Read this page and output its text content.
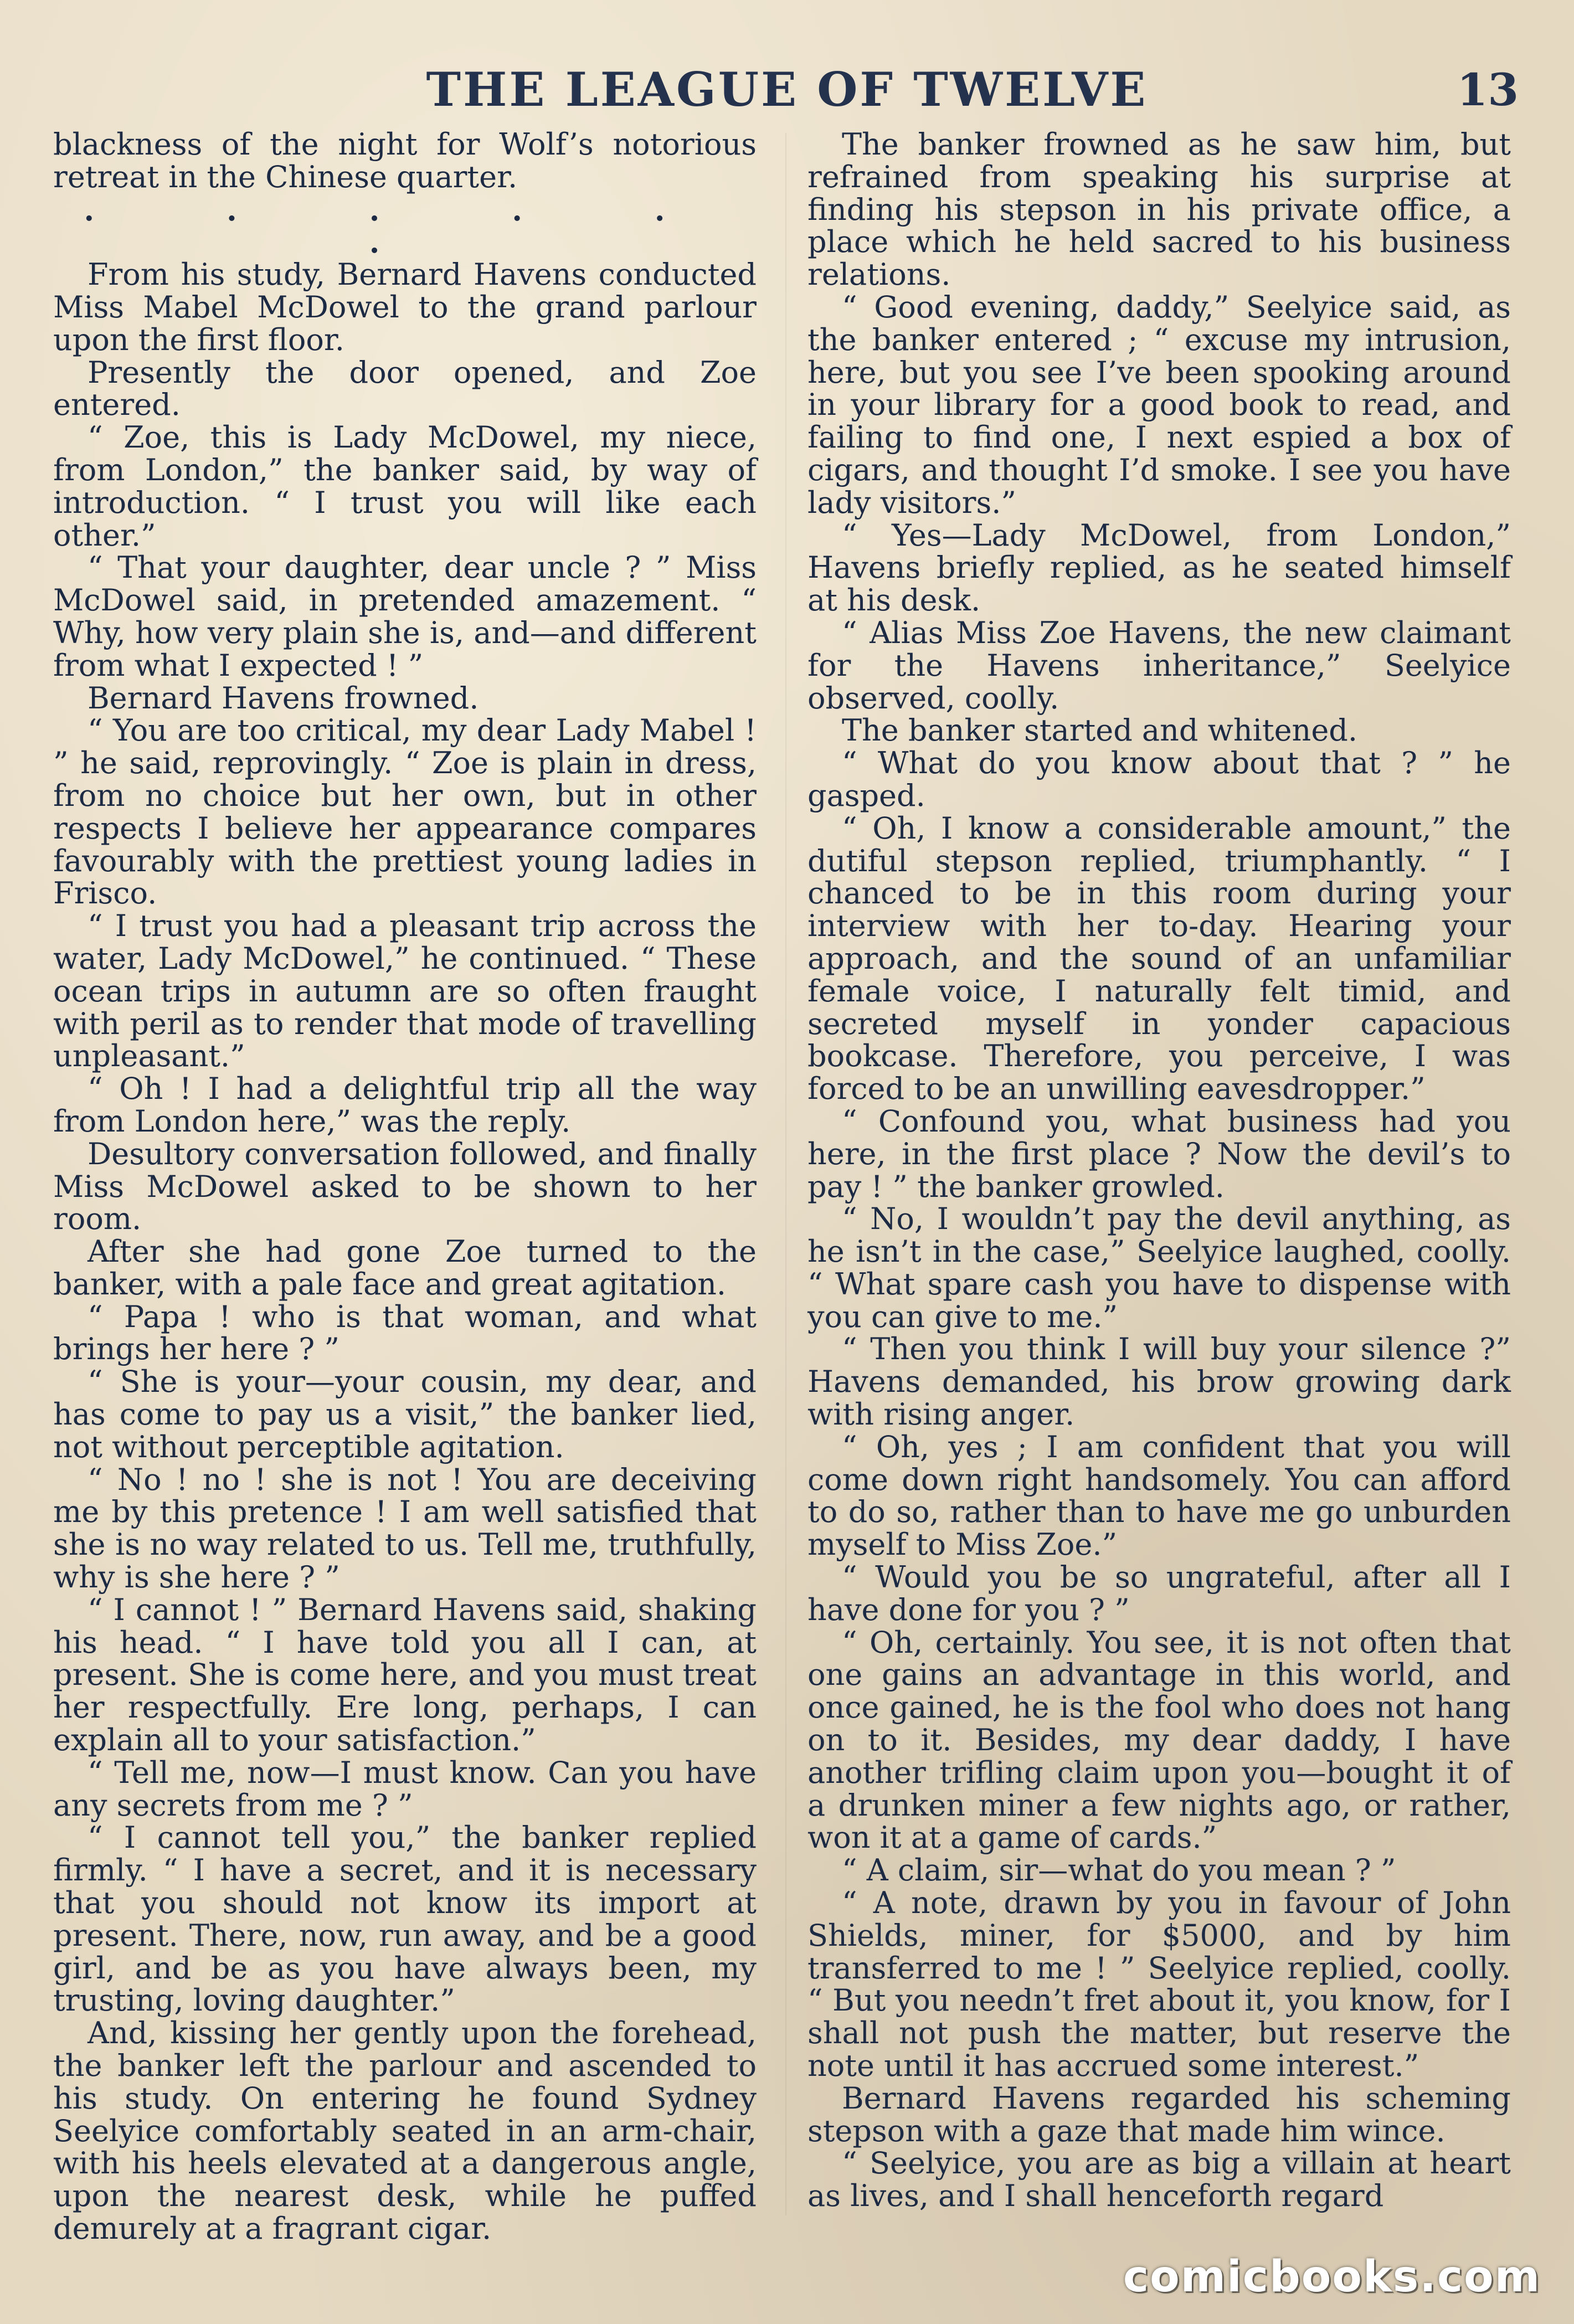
THE LEAGUE OF TWELVE	13

blackness of the night for Wolf’s notorious retreat in the Chinese quarter.

. . . . . .

From his study, Bernard Havens conducted Miss Mabel McDowel to the grand parlour upon the first floor.

Presently the door opened, and Zoe entered.

“ Zoe, this is Lady McDowel, my niece, from London,” the banker said, by way of introduction. “ I trust you will like each other.”

“ That your daughter, dear uncle ? ” Miss McDowel said, in pretended amazement. “ Why, how very plain she is, and—and different from what I expected ! ”

Bernard Havens frowned.

“ You are too critical, my dear Lady Mabel ! ” he said, reprovingly. “ Zoe is plain in dress, from no choice but her own, but in other respects I believe her appearance compares favourably with the prettiest young ladies in Frisco.

“ I trust you had a pleasant trip across the water, Lady McDowel,” he continued. “ These ocean trips in autumn are so often fraught with peril as to render that mode of travelling unpleasant.”

“ Oh ! I had a delightful trip all the way from London here,” was the reply.

Desultory conversation followed, and finally Miss McDowel asked to be shown to her room.

After she had gone Zoe turned to the banker, with a pale face and great agitation.

“ Papa ! who is that woman, and what brings her here ? ”

“ She is your—your cousin, my dear, and has come to pay us a visit,” the banker lied, not without perceptible agitation.

“ No ! no ! she is not ! You are deceiving me by this pretence ! I am well satisfied that she is no way related to us. Tell me, truthfully, why is she here ? ”

“ I cannot ! ” Bernard Havens said, shaking his head. “ I have told you all I can, at present. She is come here, and you must treat her respectfully. Ere long, perhaps, I can explain all to your satisfaction.”

“ Tell me, now—I must know. Can you have any secrets from me ? ”

“ I cannot tell you,” the banker replied firmly. “ I have a secret, and it is necessary that you should not know its import at present. There, now, run away, and be a good girl, and be as you have always been, my trusting, loving daughter.”

And, kissing her gently upon the forehead, the banker left the parlour and ascended to his study. On entering he found Sydney Seelyice comfortably seated in an arm-chair, with his heels elevated at a dangerous angle, upon the nearest desk, while he puffed demurely at a fragrant cigar.

The banker frowned as he saw him, but refrained from speaking his surprise at finding his stepson in his private office, a place which he held sacred to his business relations.

“ Good evening, daddy,” Seelyice said, as the banker entered ; “ excuse my intrusion, here, but you see I’ve been spooking around in your library for a good book to read, and failing to find one, I next espied a box of cigars, and thought I’d smoke. I see you have lady visitors.”

“ Yes—Lady McDowel, from London,” Havens briefly replied, as he seated himself at his desk.

“ Alias Miss Zoe Havens, the new claimant for the Havens inheritance,” Seelyice observed, coolly.

The banker started and whitened.

“ What do you know about that ? ” he gasped.

“ Oh, I know a considerable amount,” the dutiful stepson replied, triumphantly. “ I chanced to be in this room during your interview with her to-day. Hearing your approach, and the sound of an unfamiliar female voice, I naturally felt timid, and secreted myself in yonder capacious bookcase. Therefore, you perceive, I was forced to be an unwilling eavesdropper.”

“ Confound you, what business had you here, in the first place ? Now the devil’s to pay ! ” the banker growled.

“ No, I wouldn’t pay the devil anything, as he isn’t in the case,” Seelyice laughed, coolly. “ What spare cash you have to dispense with you can give to me.”

“ Then you think I will buy your silence ?” Havens demanded, his brow growing dark with rising anger.

“ Oh, yes ; I am confident that you will come down right handsomely. You can afford to do so, rather than to have me go unburden myself to Miss Zoe.”

“ Would you be so ungrateful, after all I have done for you ? ”

“ Oh, certainly. You see, it is not often that one gains an advantage in this world, and once gained, he is the fool who does not hang on to it. Besides, my dear daddy, I have another trifling claim upon you—bought it of a drunken miner a few nights ago, or rather, won it at a game of cards.”

“ A claim, sir—what do you mean ? ”

“ A note, drawn by you in favour of John Shields, miner, for $5000, and by him transferred to me ! ” Seelyice replied, coolly. “ But you needn’t fret about it, you know, for I shall not push the matter, but reserve the note until it has accrued some interest.”

Bernard Havens regarded his scheming stepson with a gaze that made him wince.

“ Seelyice, you are as big a villain at heart as lives, and I shall henceforth regard

comicbooks.com
